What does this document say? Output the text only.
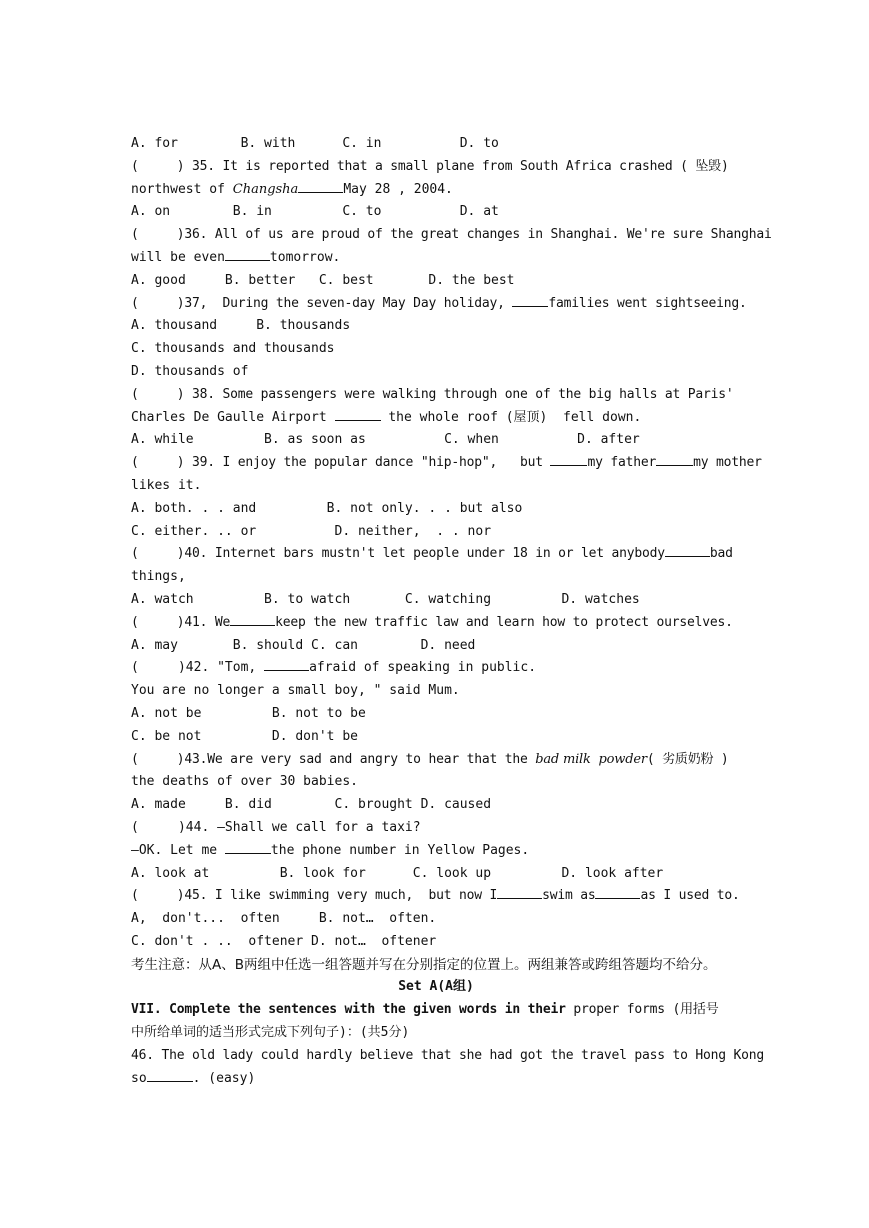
A. for        B. with      C. in          D. to
(     ) 35. It is reported that a small plane from South Africa crashed ( 坠毁)
northwest of Changsha	May 28 , 2004.
A. on        B. in         C. to          D. at
(     )36. All of us are proud of the great changes in Shanghai. We're sure Shanghai
will be even	tomorrow.
A. good     B. better   C. best       D. the best
(     )37,  During the seven-day May Day holiday,	families went sightseeing.
A. thousand     B. thousands
C. thousands and thousands
D. thousands of
(     ) 38. Some passengers were walking through one of the big halls at Paris'
Charles De Gaulle Airport	the whole roof (屋顶)  fell down.
A. while         B. as soon as          C. when          D. after
(     ) 39. I enjoy the popular dance "hip-hop",   but	my father	my mother
likes it.
A. both. . . and         B. not only. . . but also
C. either. .. or          D. neither,  . . nor
(     )40. Internet bars mustn't let people under 18 in or let anybody	bad
things,
A. watch         B. to watch       C. watching         D. watches
(     )41. We	keep the new traffic law and learn how to protect ourselves.
A. may       B. should C. can        D. need
(     )42. "Tom,	afraid of speaking in public.
You are no longer a small boy, " said Mum.
A. not be         B. not to be
C. be not         D. don't be
(     )43.We are very sad and angry to hear that the bad milk  powder( 劣质奶粉 )
the deaths of over 30 babies.
A. made     B. did        C. brought D. caused
(     )44. —Shall we call for a taxi?
—OK. Let me	the phone number in Yellow Pages.
A. look at         B. look for      C. look up         D. look after
(     )45. I like swimming very much,  but now I	swim as	as I used to.
A,  don't...  often     B. not…  often.
C. don't . ..  oftener D. not…  oftener
考生注意：从A、B两组中任选一组答题并写在分别指定的位置上。两组兼答或跨组答题均不给分。
Set A(A组)
VII. Complete the sentences with the given words in their proper forms (用括号
中所给单词的适当形式完成下列句子)：(共5分)
46. The old lady could hardly believe that she had got the travel pass to Hong Kong
so	. (easy)
